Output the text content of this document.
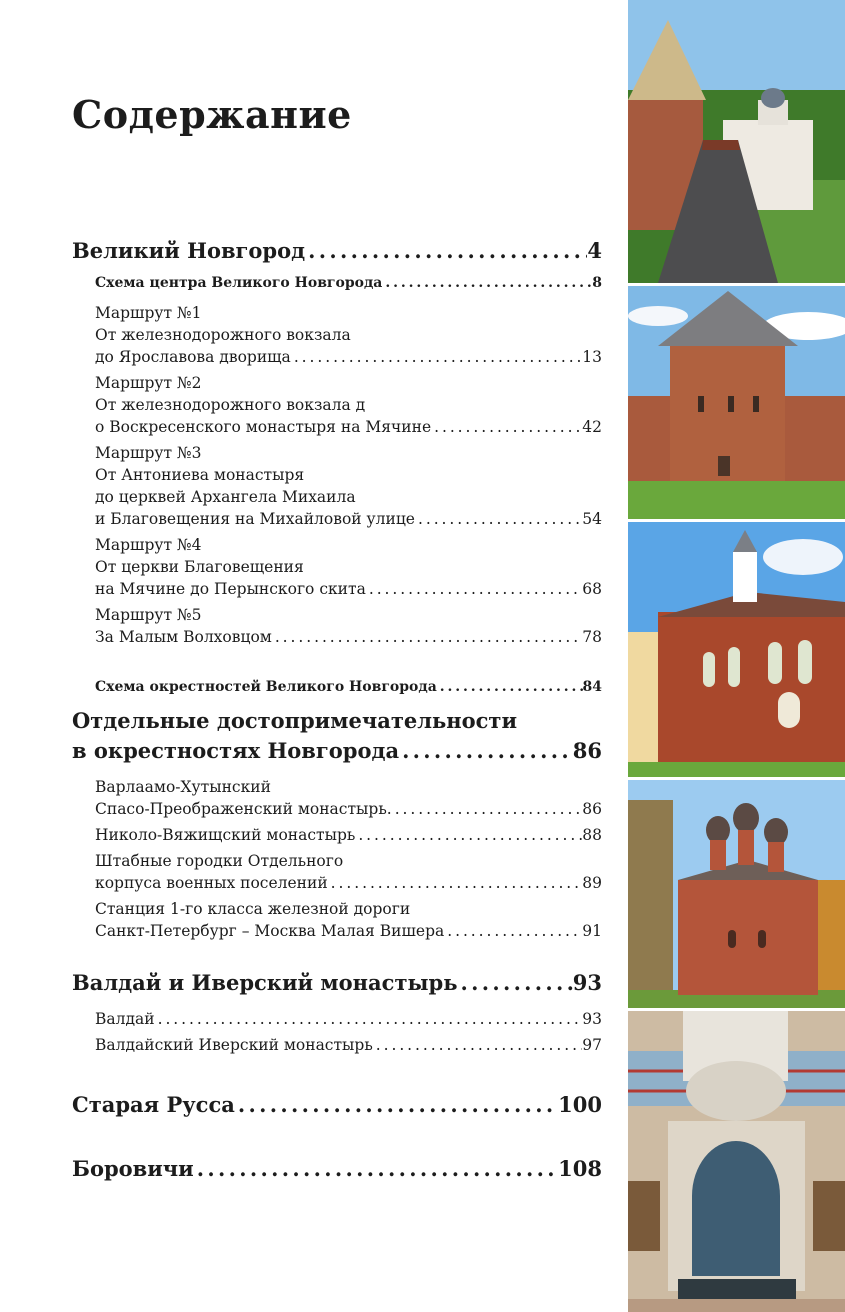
Содержание
Великий Новгород . . .	4
Схема центра Великого Новгорода . . .	8
Маршрут №1
От железнодорожного вокзала
до Ярославова дворища . . .	13
Маршрут №2
От железнодорожного вокзала д
о Воскресенского монастыря на Мячине . . .	42
Маршрут №3
От Антониева монастыря
до церквей Архангела Михаила
и Благовещения на Михайловой улице . . .	54
Маршрут №4
От церкви Благовещения
на Мячине до Перынского скита . . .	68
Маршрут №5
За Малым Волховцом . . .	78
Схема окрестностей Великого Новгорода . . .	84
Отдельные достопримечательности
в окрестностях Новгорода . . .	86
Варлаамо-Хутынский
Спасо-Преображенский монастырь. . . .	86
Николо-Вяжищский монастырь . . .	88
Штабные городки Отдельного
корпуса военных поселений . . .	89
Станция 1-го класса железной дороги
Санкт-Петербург – Москва Малая Вишера . . .	91
Валдай и Иверский монастырь . . .	93
Валдай . . .	93
Валдайский Иверский монастырь . . .	97
Старая Русса . . .	100
Боровичи . . .	108
